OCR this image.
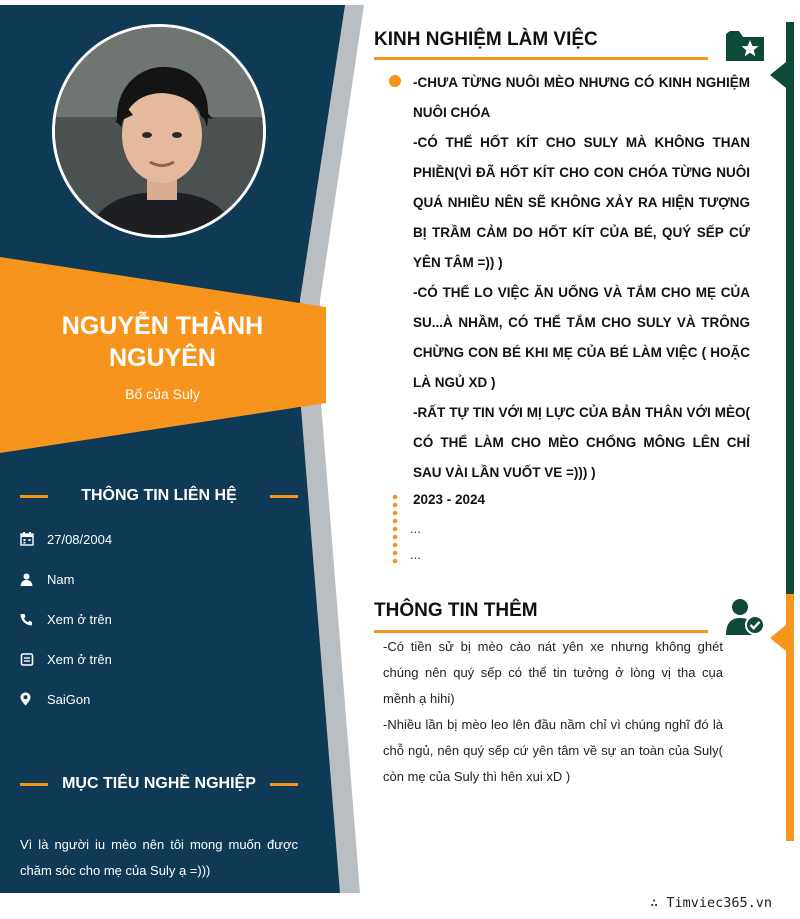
NGUYỄN THÀNH NGUYÊN
Bố của Suly
THÔNG TIN LIÊN HỆ
27/08/2004
Nam
Xem ở trên
Xem ở trên
SaiGon
MỤC TIÊU NGHỀ NGHIỆP
Vì là người iu mèo nên tôi mong muốn được chăm sóc cho mẹ của Suly ạ =)))
KINH NGHIỆM LÀM VIỆC

-CHƯA TỪNG NUÔI MÈO NHƯNG CÓ KINH NGHIỆM NUÔI CHÓA

-CÓ THỂ HỐT KÍT CHO SULY MÀ KHÔNG THAN PHIỀN(VÌ ĐÃ HỐT KÍT CHO CON CHÓA TỪNG NUÔI QUÁ NHIỀU NÊN SẼ KHÔNG XẢY RA HIỆN TƯỢNG BỊ TRẦM CẢM DO HỐT KÍT CỦA BÉ, QUÝ SẾP CỨ YÊN TÂM =)) )

-CÓ THỂ LO VIỆC ĂN UỐNG VÀ TẮM CHO MẸ CỦA SU...À NHẦM, CÓ THỂ TẮM CHO SULY VÀ TRÔNG CHỪNG CON BÉ KHI MẸ CỦA BÉ LÀM VIỆC ( HOẶC LÀ NGỦ XD )

-RẤT TỰ TIN VỚI MỊ LỰC CỦA BẢN THÂN VỚI MÈO( CÓ THỂ LÀM CHO MÈO CHỔNG MÔNG LÊN CHỈ SAU VÀI LẦN VUỐT VE =))) )

2023 - 2024
...
...
THÔNG TIN THÊM

-Có tiền sử bị mèo cào nát yên xe nhưng không ghét chúng nên quý sếp có thể tin tưởng ở lòng vị tha cụa mềnh ạ hihi)

-Nhiều lần bị mèo leo lên đầu nầm chỉ vì chúng nghĩ đó là chỗ ngủ, nên quý sếp cứ yên tâm về sự an toàn của Suly( còn mẹ của Suly thì hên xui xD )

∴ Timviec365.vn
